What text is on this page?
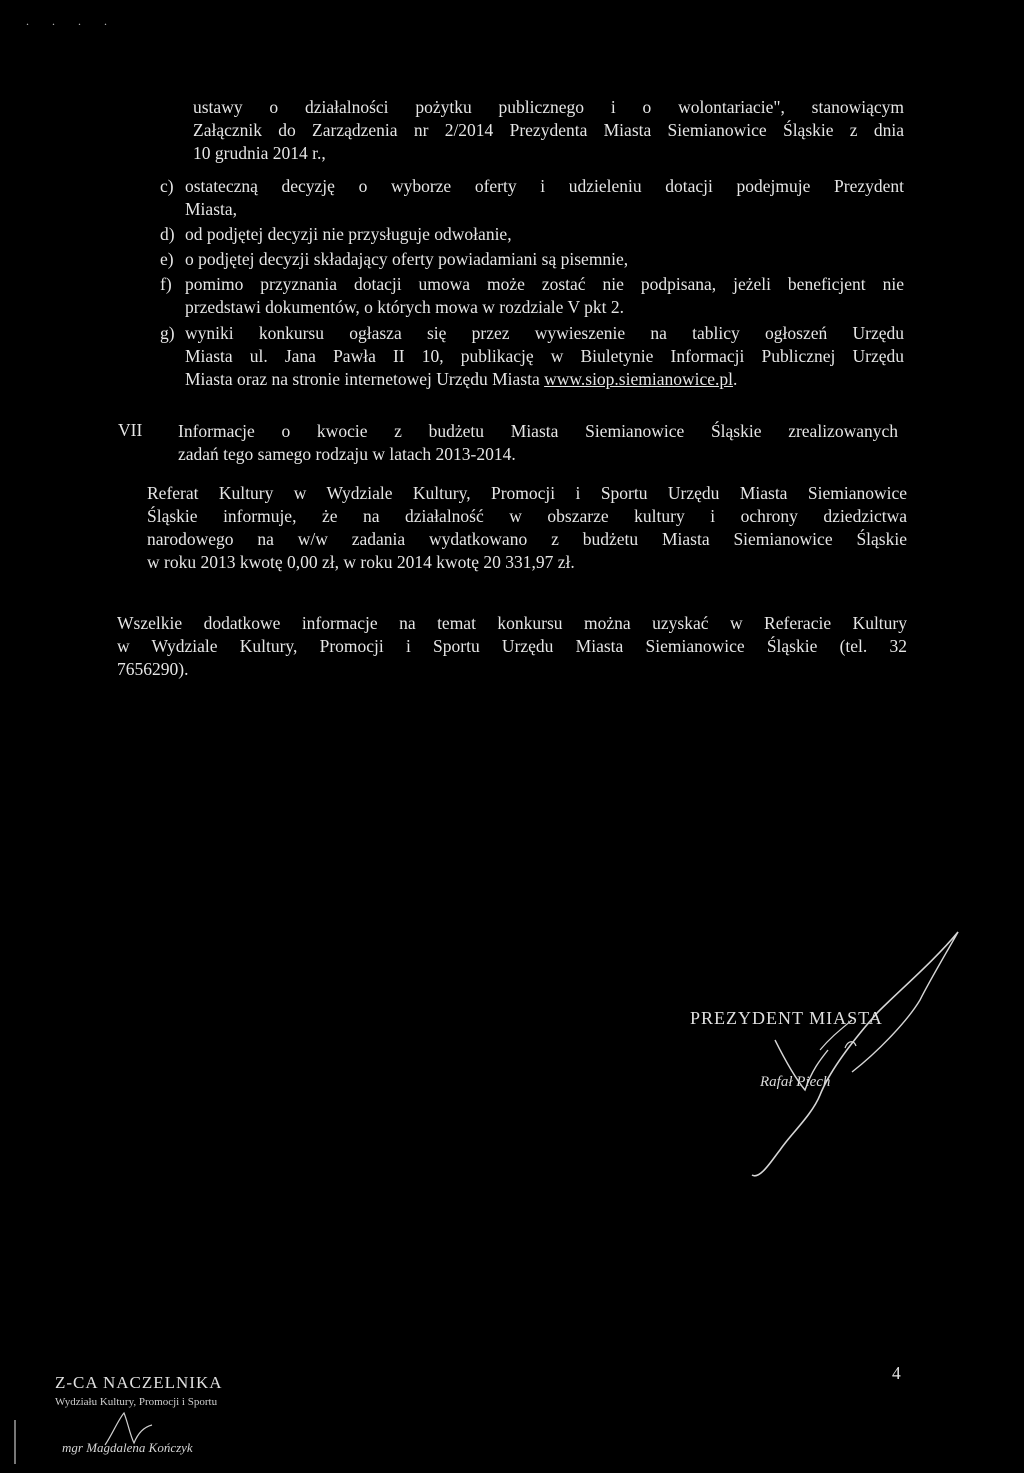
. . . .
ustawy o działalności pożytku publicznego i o wolontariacie", stanowiącym
Załącznik do Zarządzenia nr 2/2014 Prezydenta Miasta Siemianowice Śląskie z dnia
10 grudnia 2014 r.,
c) ostateczną decyzję o wyborze oferty i udzieleniu dotacji podejmuje Prezydent
Miasta,
d) od podjętej decyzji nie przysługuje odwołanie,
e) o podjętej decyzji składający oferty powiadamiani są pisemnie,
f) pomimo przyznania dotacji umowa może zostać nie podpisana, jeżeli beneficjent nie
przedstawi dokumentów, o których mowa w rozdziale V pkt 2.
g) wyniki konkursu ogłasza się przez wywieszenie na tablicy ogłoszeń Urzędu
Miasta ul. Jana Pawła II 10, publikację w Biuletynie Informacji Publicznej Urzędu
Miasta oraz na stronie internetowej Urzędu Miasta www.siop.siemianowice.pl.
VII Informacje o kwocie z budżetu Miasta Siemianowice Śląskie zrealizowanych
zadań tego samego rodzaju w latach 2013-2014.
Referat Kultury w Wydziale Kultury, Promocji i Sportu Urzędu Miasta Siemianowice
Śląskie informuje, że na działalność w obszarze kultury i ochrony dziedzictwa
narodowego na w/w zadania wydatkowano z budżetu Miasta Siemianowice Śląskie
w roku 2013 kwotę 0,00 zł, w roku 2014 kwotę 20 331,97 zł.
Wszelkie dodatkowe informacje na temat konkursu można uzyskać w Referacie Kultury
w Wydziale Kultury, Promocji i Sportu Urzędu Miasta Siemianowice Śląskie (tel. 32
7656290).
PREZYDENT MIASTA
Rafał Piech
Z-CA NACZELNIKA
Wydziału Kultury, Promocji i Sportu
mgr Magdalena Kończyk
4
